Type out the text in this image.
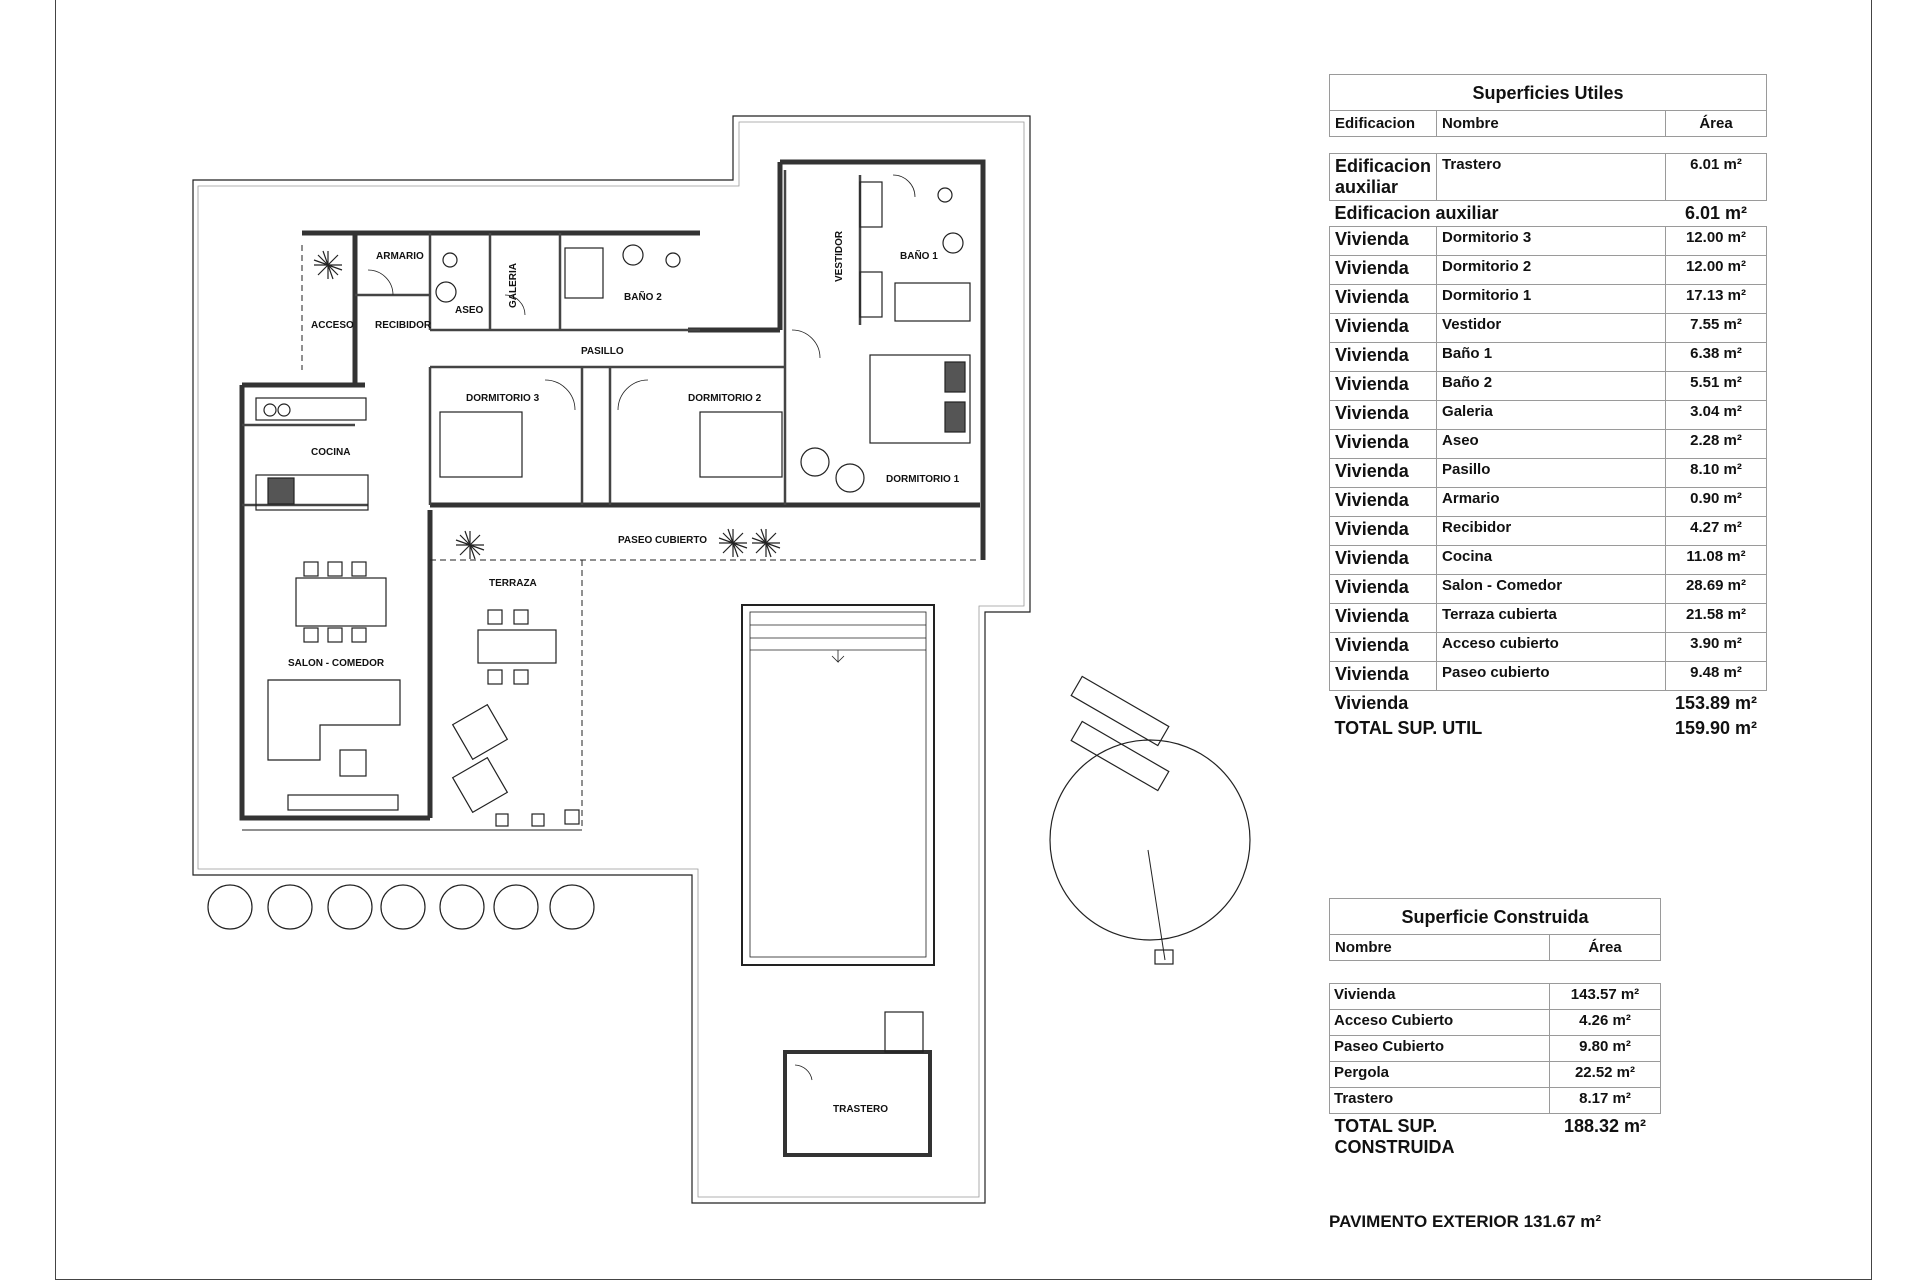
ARMARIO
ACCESO RECIBIDOR
ASEO
GALERIA	BAÑO 2
VESTIDOR	BAÑO 1
PASILLO
COCINA
DORMITORIO 3	DORMITORIO 2
DORMITORIO 1
PASEO CUBIERTO
TERRAZA
SALON - COMEDOR
TRASTERO
Superficies Utiles		
Edificacion	Nombre	Área

Edificacion auxiliar	Trastero	6.01 m²
Edificacion auxiliar		6.01 m²
Vivienda	Dormitorio 3	12.00 m²
Vivienda	Dormitorio 2	12.00 m²
Vivienda	Dormitorio 1	17.13 m²
Vivienda	Vestidor	7.55 m²
Vivienda	Baño 1	6.38 m²
Vivienda	Baño 2	5.51 m²
Vivienda	Galeria	3.04 m²
Vivienda	Aseo	2.28 m²
Vivienda	Pasillo	8.10 m²
Vivienda	Armario	0.90 m²
Vivienda	Recibidor	4.27 m²
Vivienda	Cocina	11.08 m²
Vivienda	Salon - Comedor	28.69 m²
Vivienda	Terraza cubierta	21.58 m²
Vivienda	Acceso cubierto	3.90 m²
Vivienda	Paseo cubierto	9.48 m²
Vivienda		153.89 m²
TOTAL SUP. UTIL		159.90 m²
Superficie Construida	
Nombre	Área

Vivienda	143.57 m²
Acceso Cubierto	4.26 m²
Paseo Cubierto	9.80 m²
Pergola	22.52 m²
Trastero	8.17 m²
TOTAL SUP. CONSTRUIDA	188.32 m²
PAVIMENTO EXTERIOR 131.67 m²
